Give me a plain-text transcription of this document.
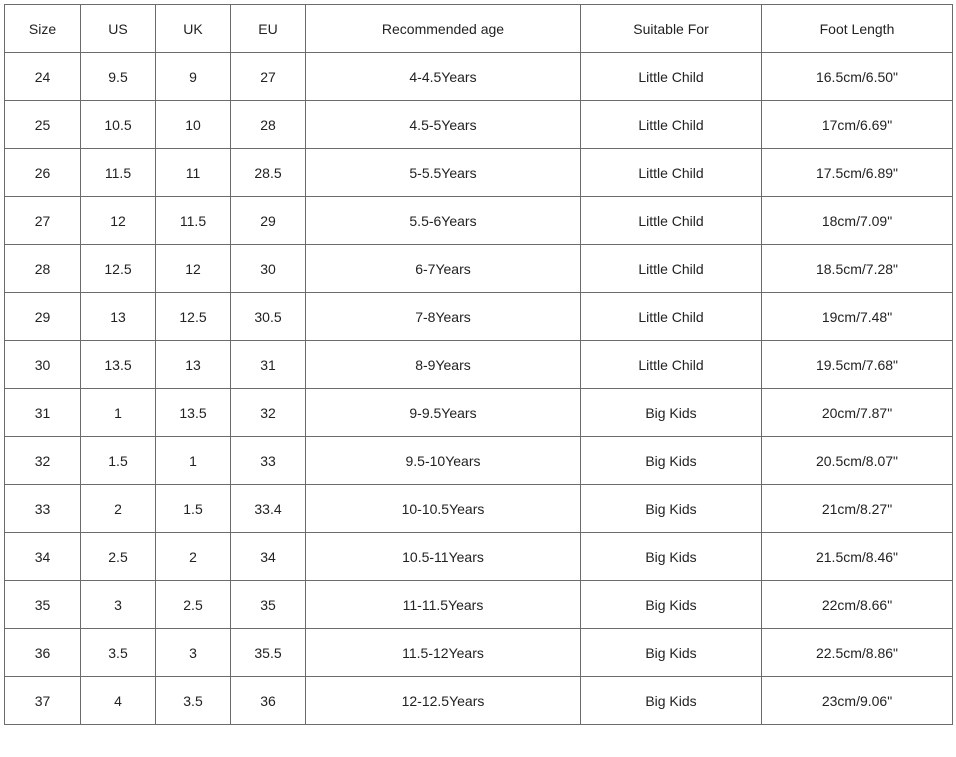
Size	US	UK	EU	Recommended age	Suitable For	Foot Length
24	9.5	9	27	4-4.5Years	Little Child	16.5cm/6.50"
25	10.5	10	28	4.5-5Years	Little Child	17cm/6.69"
26	11.5	11	28.5	5-5.5Years	Little Child	17.5cm/6.89"
27	12	11.5	29	5.5-6Years	Little Child	18cm/7.09"
28	12.5	12	30	6-7Years	Little Child	18.5cm/7.28"
29	13	12.5	30.5	7-8Years	Little Child	19cm/7.48"
30	13.5	13	31	8-9Years	Little Child	19.5cm/7.68"
31	1	13.5	32	9-9.5Years	Big Kids	20cm/7.87"
32	1.5	1	33	9.5-10Years	Big Kids	20.5cm/8.07"
33	2	1.5	33.4	10-10.5Years	Big Kids	21cm/8.27"
34	2.5	2	34	10.5-11Years	Big Kids	21.5cm/8.46"
35	3	2.5	35	11-11.5Years	Big Kids	22cm/8.66"
36	3.5	3	35.5	11.5-12Years	Big Kids	22.5cm/8.86"
37	4	3.5	36	12-12.5Years	Big Kids	23cm/9.06"
